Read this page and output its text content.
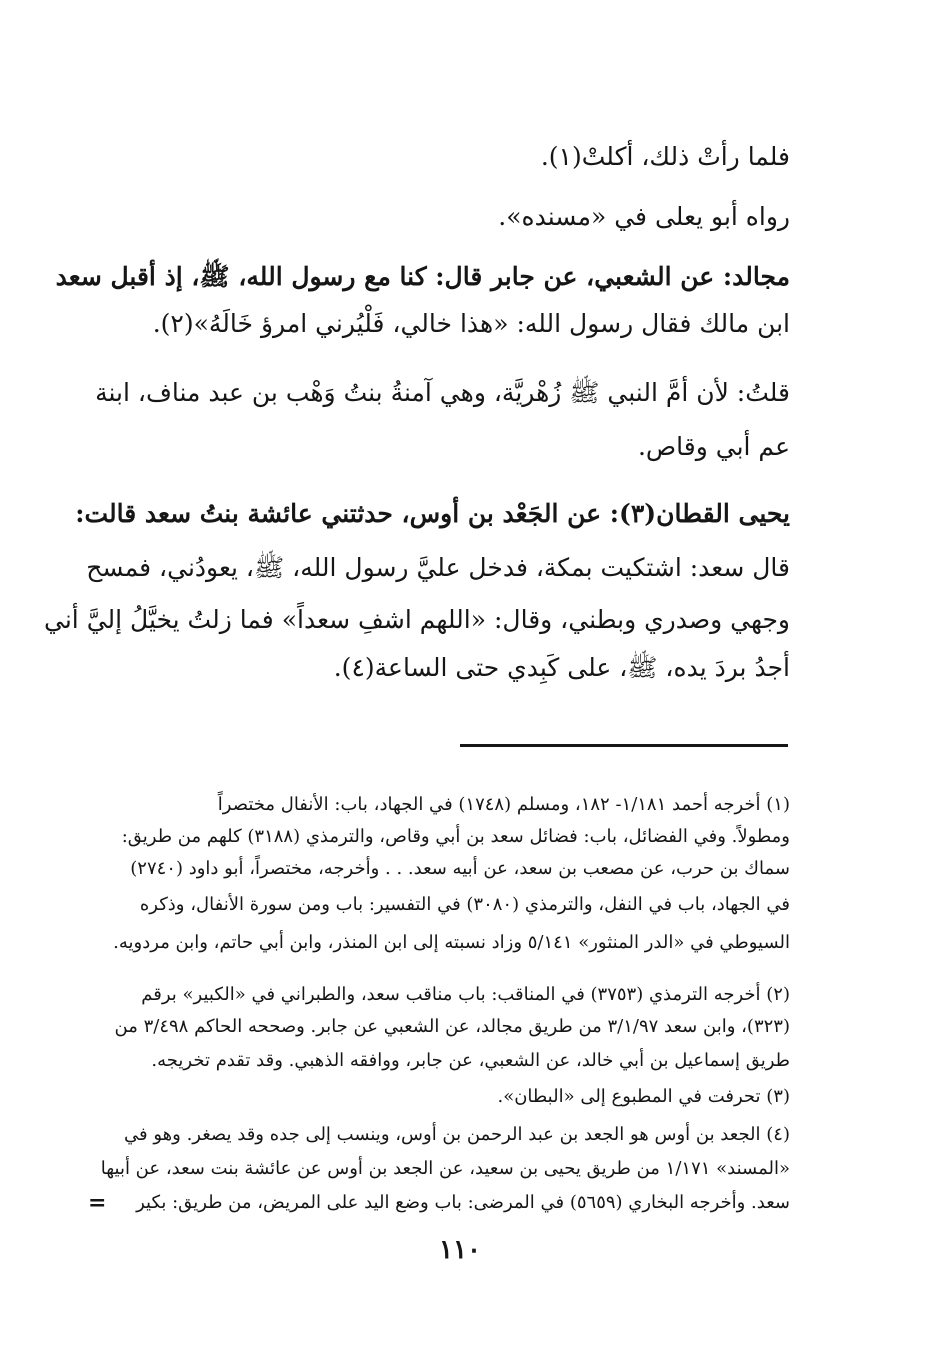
فلما رأتْ ذلك، أكلتْ(١).
رواه أبو يعلى في «مسنده».
مجالد: عن الشعبي، عن جابر قال: كنا مع رسول الله، ﷺ، إذ أقبل سعد
ابن مالك فقال رسول الله: «هذا خالي، فَلْيُرني امرؤ خَالَهُ»(٢).
قلتُ: لأن أمَّ النبي ﷺ زُهْريَّة، وهي آمنةُ بنتُ وَهْب بن عبد مناف، ابنة
عم أبي وقاص.
يحيى القطان(٣): عن الجَعْد بن أوس، حدثتني عائشة بنتُ سعد قالت:
قال سعد: اشتكيت بمكة، فدخل عليَّ رسول الله، ﷺ، يعودُني، فمسح
وجهي وصدري وبطني، وقال: «اللهم اشفِ سعداً» فما زلتُ يخيَّلُ إليَّ أني
أجدُ بردَ يده، ﷺ، على كَبِدي حتى الساعة(٤).
(١) أخرجه أحمد ١/١٨١- ١٨٢، ومسلم (١٧٤٨) في الجهاد، باب: الأنفال مختصراً
ومطولاً. وفي الفضائل، باب: فضائل سعد بن أبي وقاص، والترمذي (٣١٨٨) كلهم من طريق:
سماك بن حرب، عن مصعب بن سعد، عن أبيه سعد. . . وأخرجه، مختصراً، أبو داود (٢٧٤٠)
في الجهاد، باب في النفل، والترمذي (٣٠٨٠) في التفسير: باب ومن سورة الأنفال، وذكره
السيوطي في «الدر المنثور» ٥/١٤١ وزاد نسبته إلى ابن المنذر، وابن أبي حاتم، وابن مردويه.
(٢) أخرجه الترمذي (٣٧٥٣) في المناقب: باب مناقب سعد، والطبراني في «الكبير» برقم
(٣٢٣)، وابن سعد ٣/١/٩٧ من طريق مجالد، عن الشعبي عن جابر. وصححه الحاكم ٣/٤٩٨ من
طريق إسماعيل بن أبي خالد، عن الشعبي، عن جابر، ووافقه الذهبي. وقد تقدم تخريجه.
(٣) تحرفت في المطبوع إلى «البطان».
(٤) الجعد بن أوس هو الجعد بن عبد الرحمن بن أوس، وينسب إلى جده وقد يصغر. وهو في
«المسند» ١/١٧١ من طريق يحيى بن سعيد، عن الجعد بن أوس عن عائشة بنت سعد، عن أبيها
سعد. وأخرجه البخاري (٥٦٥٩) في المرضى: باب وضع اليد على المريض، من طريق: بكير
=
١١٠
